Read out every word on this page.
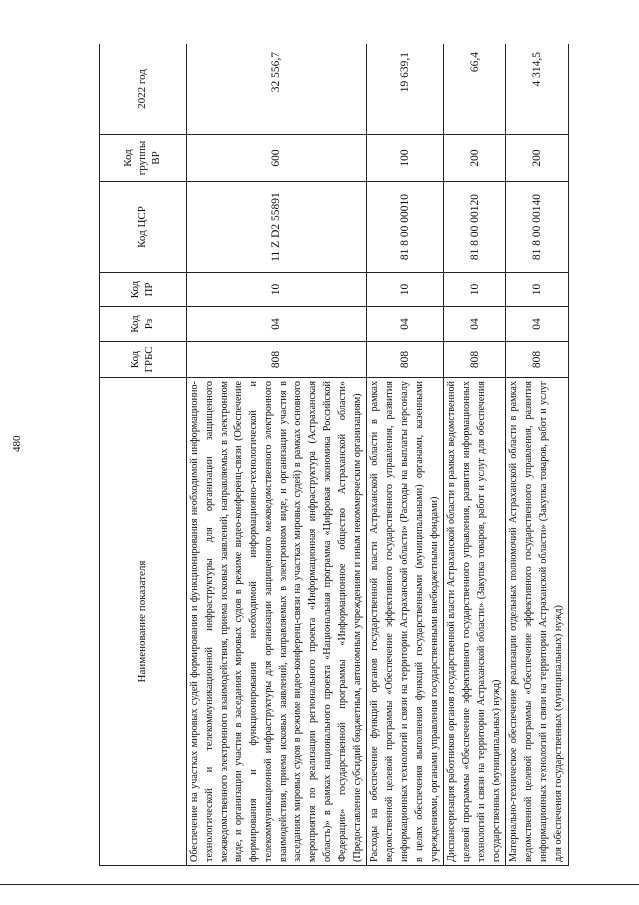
480
Наименование показателя	Код ГРБС	Код Рз	Код ПР	Код ЦСР	Код группы ВР	2022 год
Обеспечение на участках мировых судей формирования и функционирования необходимой информационно-технологической и телекоммуникационной инфраструктуры для организации защищенного межведомственного электронного взаимодействия, приема исковых заявлений, направляемых в электронном виде, и организации участия в заседаниях мировых судов в режиме видео-конференц-связи (Обеспечение формирования и функционирования необходимой информационно-технологической и телекоммуникационной инфраструктуры для организации защищенного межведомственного электронного взаимодействия, приема исковых заявлений, направляемых в электронном виде, и организации участия в заседаниях мировых судов в режиме видео-конференц-связи на участках мировых судей) в рамках основного мероприятия по реализации регионального проекта «Информационная инфраструктура (Астраханская область)» в рамках национального проекта «Национальная программа «Цифровая экономика Российской Федерации» государственной программы «Информационное общество Астраханской области» (Предоставление субсидий бюджетным, автономным учреждениям и иным некоммерческим организациям)	808	04	10	11 Z D2 55891	600	32 556,7
Расходы на обеспечение функций органов государственной власти Астраханской области в рамках ведомственной целевой программы «Обеспечение эффективного государственного управления, развития информационных технологий и связи на территории Астраханской области» (Расходы на выплаты персоналу в целях обеспечения выполнения функций государственными (муниципальными) органами, казенными учреждениями, органами управления государственными внебюджетными фондами)	808	04	10	81 8 00 00010	100	19 639,1
Диспансеризация работников органов государственной власти Астраханской области в рамках ведомственной целевой программы «Обеспечение эффективного государственного управления, развития информационных технологий и связи на территории Астраханской области» (Закупка товаров, работ и услуг для обеспечения государственных (муниципальных) нужд)	808	04	10	81 8 00 00120	200	66,4
Материально-техническое обеспечение реализации отдельных полномочий Астраханской области в рамках ведомственной целевой программы «Обеспечение эффективного государственного управления, развития информационных технологий и связи на территории Астраханской области» (Закупка товаров, работ и услуг для обеспечения государственных (муниципальных) нужд)	808	04	10	81 8 00 00140	200	4 314,5
